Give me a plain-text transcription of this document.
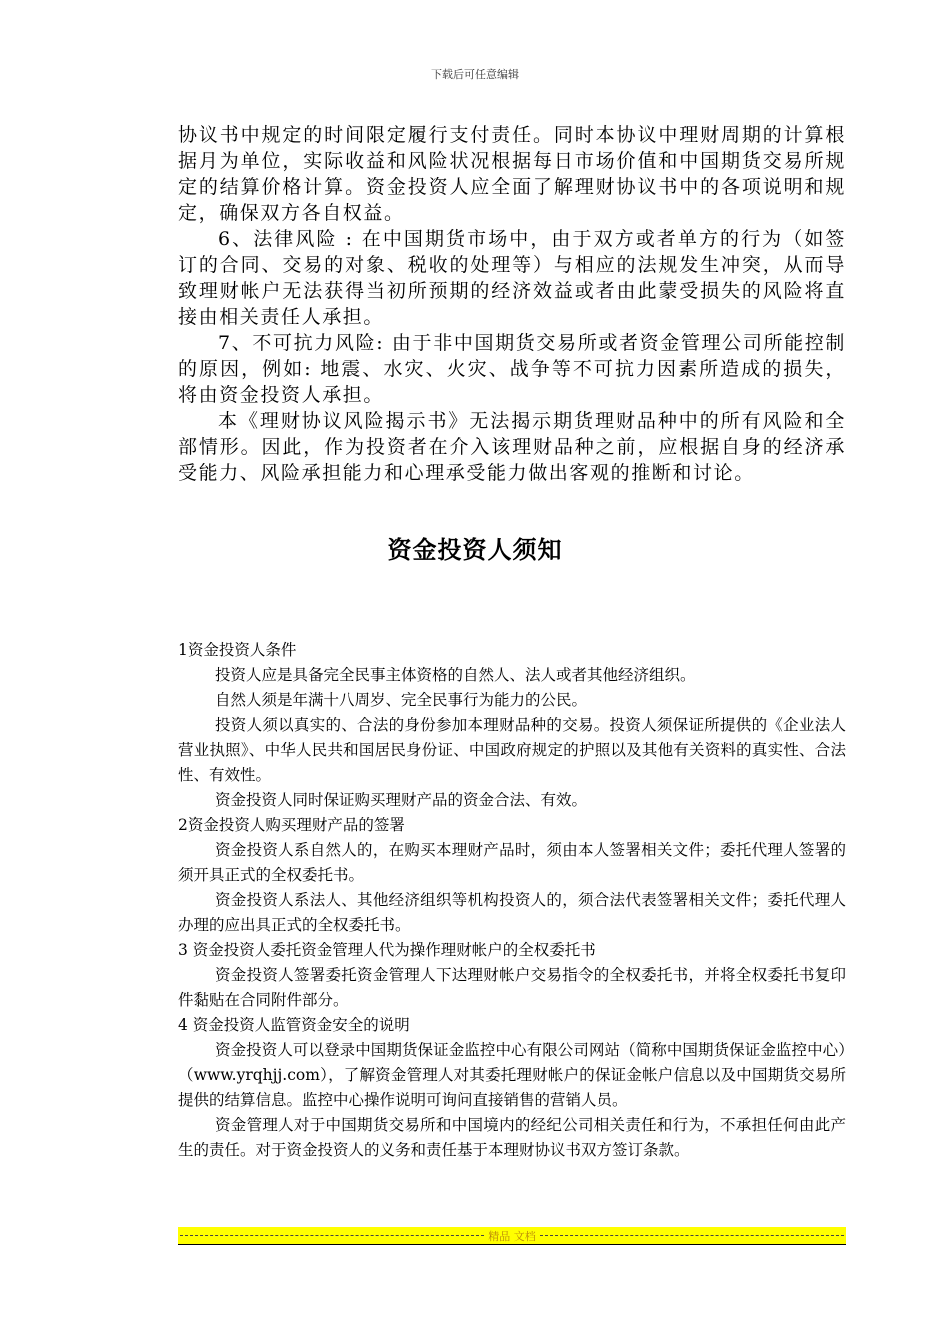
下载后可任意编辑

协议书中规定的时间限定履行支付责任。同时本协议中理财周期的计算根据月为单位，实际收益和风险状况根据每日市场价值和中国期货交易所规定的结算价格计算。资金投资人应全面了解理财协议书中的各项说明和规定，确保双方各自权益。

6、法律风险 : 在中国期货市场中，由于双方或者单方的行为（如签订的合同、交易的对象、税收的处理等）与相应的法规发生冲突，从而导致理财帐户无法获得当初所预期的经济效益或者由此蒙受损失的风险将直接由相关责任人承担。

7、不可抗力风险: 由于非中国期货交易所或者资金管理公司所能控制的原因，例如: 地震、水灾、火灾、战争等不可抗力因素所造成的损失，将由资金投资人承担。

本《理财协议风险揭示书》无法揭示期货理财品种中的所有风险和全部情形。因此，作为投资者在介入该理财品种之前，应根据自身的经济承受能力、风险承担能力和心理承受能力做出客观的推断和讨论。

资金投资人须知

1资金投资人条件

投资人应是具备完全民事主体资格的自然人、法人或者其他经济组织。

自然人须是年满十八周岁、完全民事行为能力的公民。

投资人须以真实的、合法的身份参加本理财品种的交易。投资人须保证所提供的《企业法人营业执照》、中华人民共和国居民身份证、中国政府规定的护照以及其他有关资料的真实性、合法性、有效性。

资金投资人同时保证购买理财产品的资金合法、有效。

2资金投资人购买理财产品的签署

资金投资人系自然人的，在购买本理财产品时，须由本人签署相关文件；委托代理人签署的须开具正式的全权委托书。

资金投资人系法人、其他经济组织等机构投资人的，须合法代表签署相关文件；委托代理人办理的应出具正式的全权委托书。

3 资金投资人委托资金管理人代为操作理财帐户的全权委托书

资金投资人签署委托资金管理人下达理财帐户交易指令的全权委托书，并将全权委托书复印件黏贴在合同附件部分。

4 资金投资人监管资金安全的说明

资金投资人可以登录中国期货保证金监控中心有限公司网站（简称中国期货保证金监控中心）（www.yrqhjj.com），了解资金管理人对其委托理财帐户的保证金帐户信息以及中国期货交易所提供的结算信息。监控中心操作说明可询问直接销售的营销人员。

资金管理人对于中国期货交易所和中国境内的经纪公司相关责任和行为，不承担任何由此产生的责任。对于资金投资人的义务和责任基于本理财协议书双方签订条款。

精品 文档
